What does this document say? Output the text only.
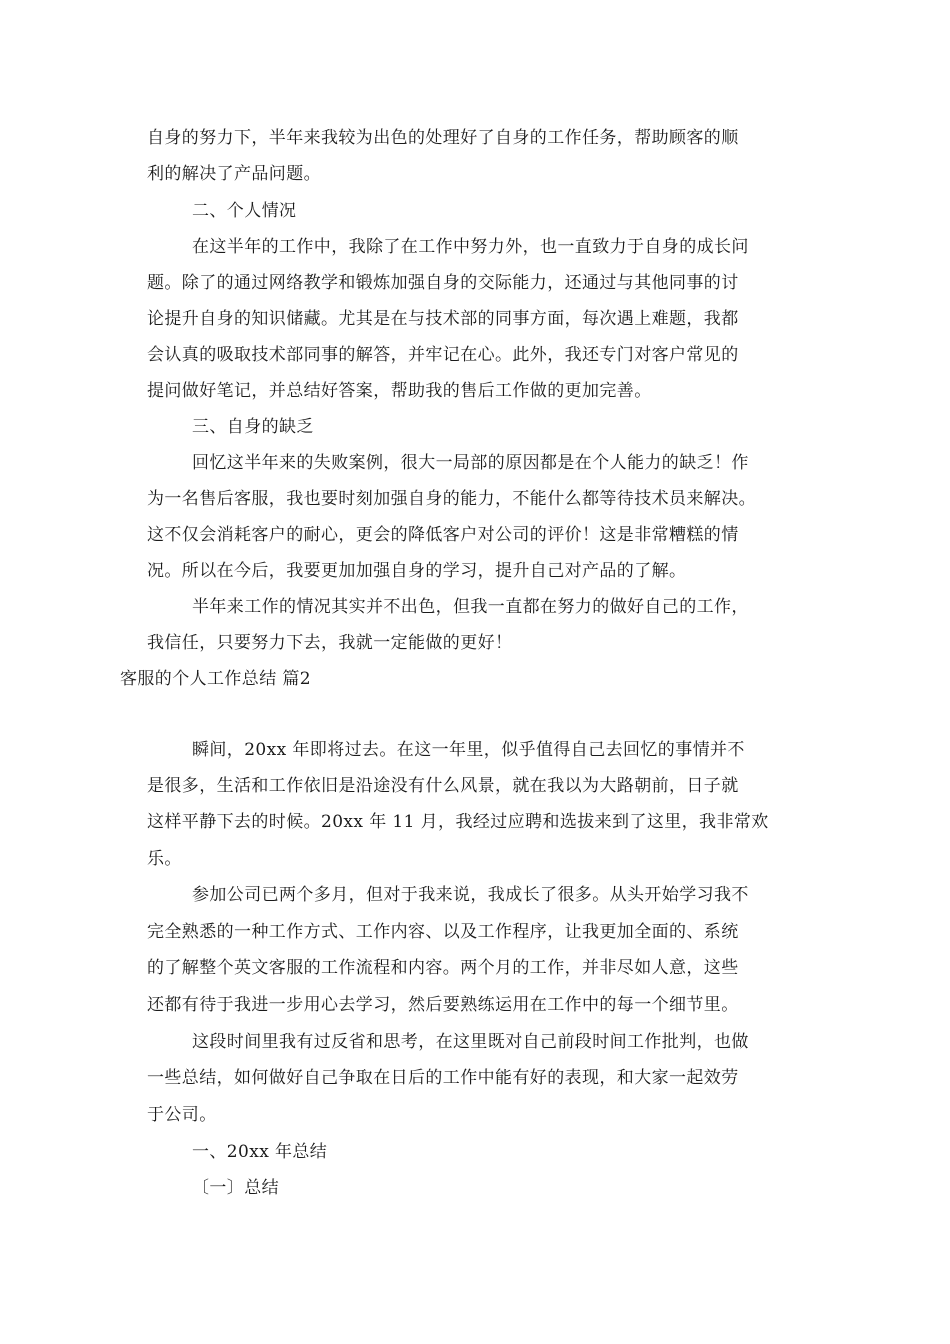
自身的努力下，半年来我较为出色的处理好了自身的工作任务，帮助顾客的顺
利的解决了产品问题。
二、个人情况
在这半年的工作中，我除了在工作中努力外，也一直致力于自身的成长问
题。除了的通过网络教学和锻炼加强自身的交际能力，还通过与其他同事的讨
论提升自身的知识储藏。尤其是在与技术部的同事方面，每次遇上难题，我都
会认真的吸取技术部同事的解答，并牢记在心。此外，我还专门对客户常见的
提问做好笔记，并总结好答案，帮助我的售后工作做的更加完善。
三、自身的缺乏
回忆这半年来的失败案例，很大一局部的原因都是在个人能力的缺乏！作
为一名售后客服，我也要时刻加强自身的能力，不能什么都等待技术员来解决。
这不仅会消耗客户的耐心，更会的降低客户对公司的评价！这是非常糟糕的情
况。所以在今后，我要更加加强自身的学习，提升自己对产品的了解。
半年来工作的情况其实并不出色，但我一直都在努力的做好自己的工作，
我信任，只要努力下去，我就一定能做的更好！
客服的个人工作总结 篇2
瞬间，20xx 年即将过去。在这一年里，似乎值得自己去回忆的事情并不
是很多，生活和工作依旧是沿途没有什么风景，就在我以为大路朝前，日子就
这样平静下去的时候。20xx 年 11 月，我经过应聘和选拔来到了这里，我非常欢
乐。
参加公司已两个多月，但对于我来说，我成长了很多。从头开始学习我不
完全熟悉的一种工作方式、工作内容、以及工作程序，让我更加全面的、系统
的了解整个英文客服的工作流程和内容。两个月的工作，并非尽如人意，这些
还都有待于我进一步用心去学习，然后要熟练运用在工作中的每一个细节里。
这段时间里我有过反省和思考，在这里既对自己前段时间工作批判，也做
一些总结，如何做好自己争取在日后的工作中能有好的表现，和大家一起效劳
于公司。
一、20xx 年总结
〔一〕总结
